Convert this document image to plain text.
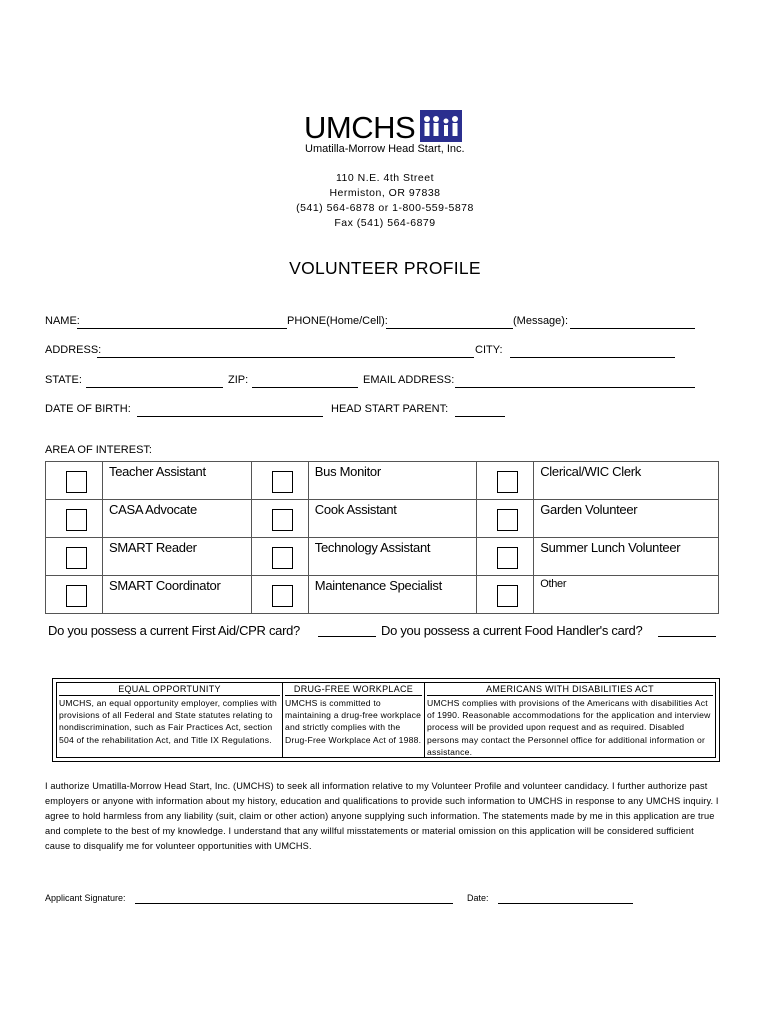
UMCHS
Umatilla-Morrow Head Start, Inc.
110 N.E. 4th Street
Hermiston, OR 97838
(541) 564-6878 or 1-800-559-5878
Fax (541) 564-6879
VOLUNTEER PROFILE
NAME:	PHONE(Home/Cell):	(Message):
ADDRESS:	CITY:
STATE:	ZIP:	EMAIL ADDRESS:
DATE OF BIRTH:	HEAD START PARENT:
AREA OF INTEREST:
	Teacher Assistant		Bus Monitor		Clerical/WIC Clerk

	CASA Advocate		Cook Assistant		Garden Volunteer

	SMART Reader		Technology Assistant		Summer Lunch Volunteer

	SMART Coordinator		Maintenance Specialist		Other
Do you possess a current First Aid/CPR card?	Do you possess a current Food Handler's card?
EQUAL OPPORTUNITY

UMCHS, an equal opportunity employer, complies with provisions of all Federal and State statutes relating to nondiscrimination, such as Fair Practices Act, section 504 of the rehabilitation Act, and Title IX Regulations.

DRUG-FREE WORKPLACE

UMCHS is committed to maintaining a drug-free workplace and strictly complies with the Drug-Free Workplace Act of 1988.

AMERICANS WITH DISABILITIES ACT

UMCHS complies with provisions of the Americans with disabilities Act of 1990. Reasonable accommodations for the application and interview process will be provided upon request and as required. Disabled persons may contact the Personnel office for additional information or assistance.

I authorize Umatilla-Morrow Head Start, Inc. (UMCHS) to seek all information relative to my Volunteer Profile and volunteer candidacy. I further authorize past employers or anyone with information about my history, education and qualifications to provide such information to UMCHS in response to any UMCHS inquiry. I agree to hold harmless from any liability (suit, claim or other action) anyone supplying such information. The statements made by me in this application are true and complete to the best of my knowledge. I understand that any willful misstatements or material omission on this application will be considered sufficient cause to disqualify me for volunteer opportunities with UMCHS.
Applicant Signature:	Date:
